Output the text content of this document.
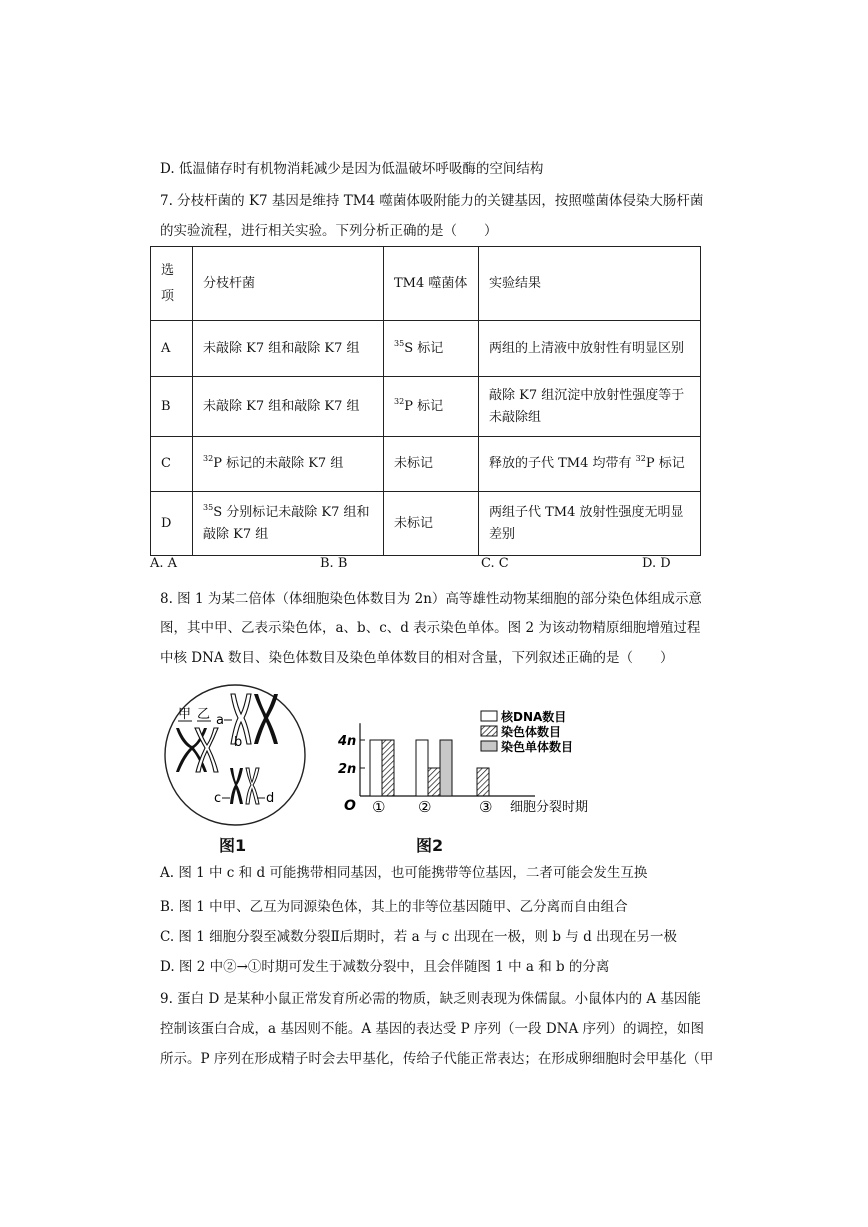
D. 低温储存时有机物消耗减少是因为低温破坏呼吸酶的空间结构
7. 分枝杆菌的 K7 基因是维持 TM4 噬菌体吸附能力的关键基因，按照噬菌体侵染大肠杆菌
的实验流程，进行相关实验。下列分析正确的是（　　）
选项	分枝杆菌	TM4 噬菌体	实验结果
A	未敲除 K7 组和敲除 K7 组	$^{35}$S 标记	两组的上清液中放射性有明显区别
B	未敲除 K7 组和敲除 K7 组	$^{32}$P 标记	敲除 K7 组沉淀中放射性强度等于未敲除组
C	$^{32}$P 标记的未敲除 K7 组	未标记	释放的子代 TM4 均带有 $^{32}$P 标记
D	$^{35}$S 分别标记未敲除 K7 组和敲除 K7 组	未标记	两组子代 TM4 放射性强度无明显差别
A. A	B. B	C. C	D. D
8. 图 1 为某二倍体（体细胞染色体数目为 2n）高等雄性动物某细胞的部分染色体组成示意
图，其中甲、乙表示染色体，a、b、c、d 表示染色单体。图 2 为该动物精原细胞增殖过程
中核 DNA 数目、染色体数目及染色单体数目的相对含量，下列叙述正确的是（　　）
甲 乙 a
b
c	d
图1
O
2n
4n
① ②	③ 细胞分裂时期
核DNA数目
染色体数目
染色单体数目
图2
A. 图 1 中 c 和 d 可能携带相同基因，也可能携带等位基因，二者可能会发生互换
B. 图 1 中甲、乙互为同源染色体，其上的非等位基因随甲、乙分离而自由组合
C. 图 1 细胞分裂至减数分裂Ⅱ后期时，若 a 与 c 出现在一极，则 b 与 d 出现在另一极
D. 图 2 中②→①时期可发生于减数分裂中，且会伴随图 1 中 a 和 b 的分离
9. 蛋白 D 是某种小鼠正常发育所必需的物质，缺乏则表现为侏儒鼠。小鼠体内的 A 基因能
控制该蛋白合成，a 基因则不能。A 基因的表达受 P 序列（一段 DNA 序列）的调控，如图
所示。P 序列在形成精子时会去甲基化，传给子代能正常表达；在形成卵细胞时会甲基化（甲
